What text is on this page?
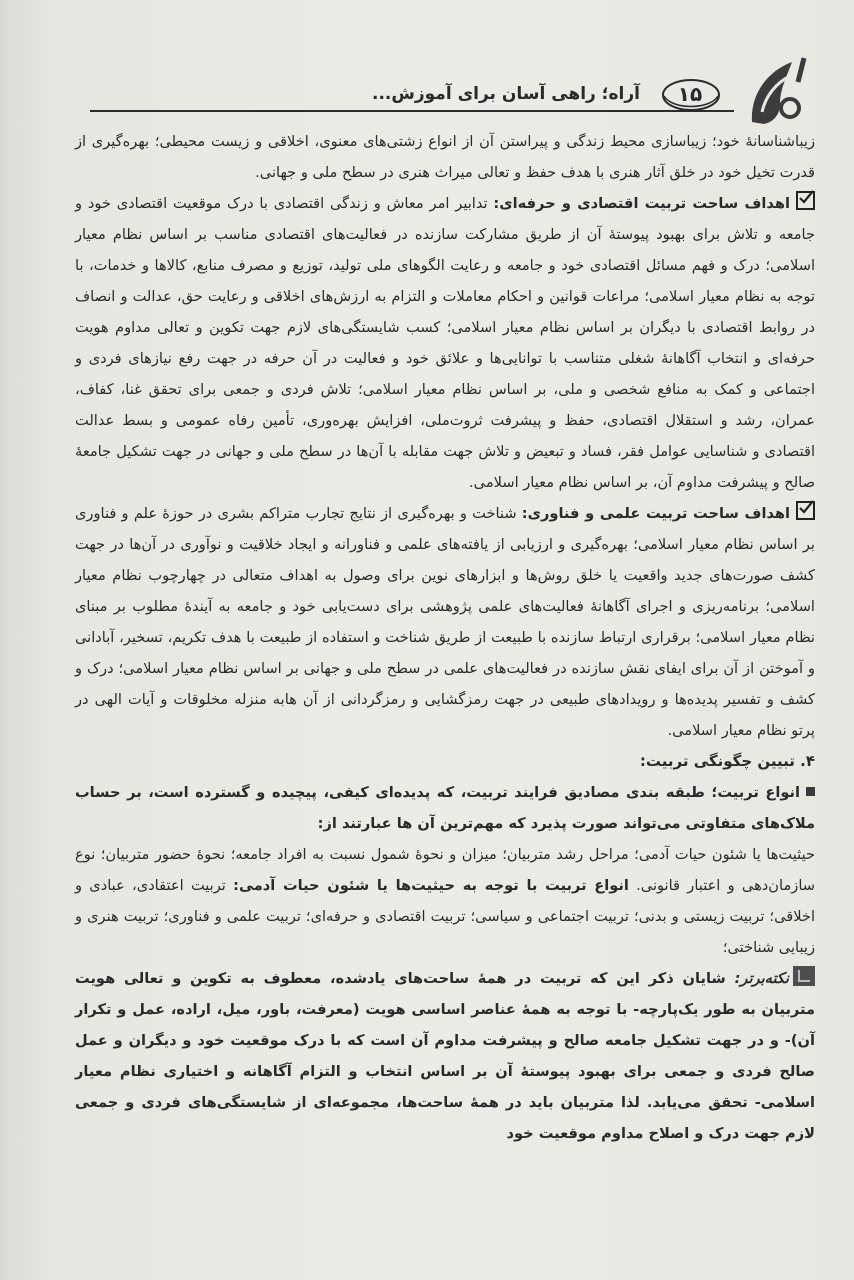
۱۵
آراه؛ راهی آسان برای آموزش...

زیباشناسانهٔ خود؛ زیباسازی محیط زندگی و پیراستن آن از انواع زشتی‌های معنوی، اخلاقی و زیست محیطی؛ بهره‌گیری از قدرت تخیل خود در خلق آثار هنری با هدف حفظ و تعالی میراث هنری در سطح ملی و جهانی.

اهداف ساحت تربیت اقتصادی و حرفه‌ای: تدابیر امر معاش و زندگی اقتصادی با درک موقعیت اقتصادی خود و جامعه و تلاش برای بهبود پیوستهٔ آن از طریق مشارکت سازنده در فعالیت‌های اقتصادی مناسب بر اساس نظام معیار اسلامی؛ درک و فهم مسائل اقتصادی خود و جامعه و رعایت الگوهای ملی تولید، توزیع و مصرف منابع، کالاها و خدمات، با توجه به نظام معیار اسلامی؛ مراعات قوانین و احکام معاملات و التزام به ارزش‌های اخلاقی و رعایت حق، عدالت و انصاف در روابط اقتصادی با دیگران بر اساس نظام معیار اسلامی؛ کسب شایستگی‌های لازم جهت تکوین و تعالی مداوم هویت حرفه‌ای و انتخاب آگاهانهٔ شغلی متناسب با توانایی‌ها و علائق خود و فعالیت در آن حرفه در جهت رفع نیازهای فردی و اجتماعی و کمک به منافع شخصی و ملی، بر اساس نظام معیار اسلامی؛ تلاش فردی و جمعی برای تحقق غنا، کفاف، عمران، رشد و استقلال اقتصادی، حفظ و پیشرفت ثروت‌ملی، افزایش بهره‌وری، تأمین رفاه عمومی و بسط عدالت اقتصادی و شناسایی عوامل فقر، فساد و تبعیض و تلاش جهت مقابله با آن‌ها در سطح ملی و جهانی در جهت تشکیل جامعهٔ صالح و پیشرفت مداوم آن، بر اساس نظام معیار اسلامی.

اهداف ساحت تربیت علمی و فناوری: شناخت و بهره‌گیری از نتایج تجارب متراکم بشری در حوزهٔ علم و فناوری بر اساس نظام معیار اسلامی؛ بهره‌گیری و ارزیابی از یافته‌های علمی و فناورانه و ایجاد خلاقیت و نوآوری در آن‌ها در جهت کشف صورت‌های جدید واقعیت یا خلق روش‌ها و ابزارهای نوین برای وصول به اهداف متعالی در چهارچوب نظام معیار اسلامی؛ برنامه‌ریزی و اجرای آگاهانهٔ فعالیت‌های علمی پژوهشی برای دست‌یابی خود و جامعه به آیندهٔ مطلوب بر مبنای نظام معیار اسلامی؛ برقراری ارتباط سازنده با طبیعت از طریق شناخت و استفاده از طبیعت با هدف تکریم، تسخیر، آبادانی و آموختن از آن برای ایفای نقش سازنده در فعالیت‌های علمی در سطح ملی و جهانی بر اساس نظام معیار اسلامی؛ درک و کشف و تفسیر پدیده‌ها و رویدادهای طبیعی در جهت رمزگشایی و رمزگردانی از آن هابه منزله مخلوقات و آیات الهی در پرتو نظام معیار اسلامی.

۴. تبیین چگونگی تربیت:

انواع تربیت؛ طبقه بندی مصادیق فرایند تربیت، که پدیده‌ای کیفی، پیچیده و گسترده است، بر حساب ملاک‌های متفاوتی می‌تواند صورت پذیرد که مهم‌ترین آن ها عبارتند از:

حیثیت‌ها یا شئون حیات آدمی؛ مراحل رشد متربیان؛ میزان و نحوهٔ شمول نسبت به افراد جامعه؛ نحوهٔ حضور متربیان؛ نوع سازمان‌دهی و اعتبار قانونی. انواع تربیت با توجه به حیثیت‌ها یا شئون حیات آدمی: تربیت اعتقادی، عبادی و اخلاقی؛ تربیت زیستی و بدنی؛ تربیت اجتماعی و سیاسی؛ تربیت اقتصادی و حرفه‌ای؛ تربیت علمی و فناوری؛ تربیت هنری و زیبایی شناختی؛

نکته‌برتر: شایان ذکر این که تربیت در همهٔ ساحت‌های یادشده، معطوف به تکوین و تعالی هویت متربیان به طور یک‌پارچه- با توجه به همهٔ عناصر اساسی هویت (معرفت، باور، میل، اراده، عمل و تکرار آن)- و در جهت تشکیل جامعه صالح و پیشرفت مداوم آن است که با درک موقعیت خود و دیگران و عمل صالح فردی و جمعی برای بهبود پیوستهٔ آن بر اساس انتخاب و التزام آگاهانه و اختیاری نظام معیار اسلامی- تحقق می‌یابد. لذا متربیان باید در همهٔ ساحت‌ها، مجموعه‌ای از شایستگی‌های فردی و جمعی لازم جهت درک و اصلاح مداوم موقعیت خود
